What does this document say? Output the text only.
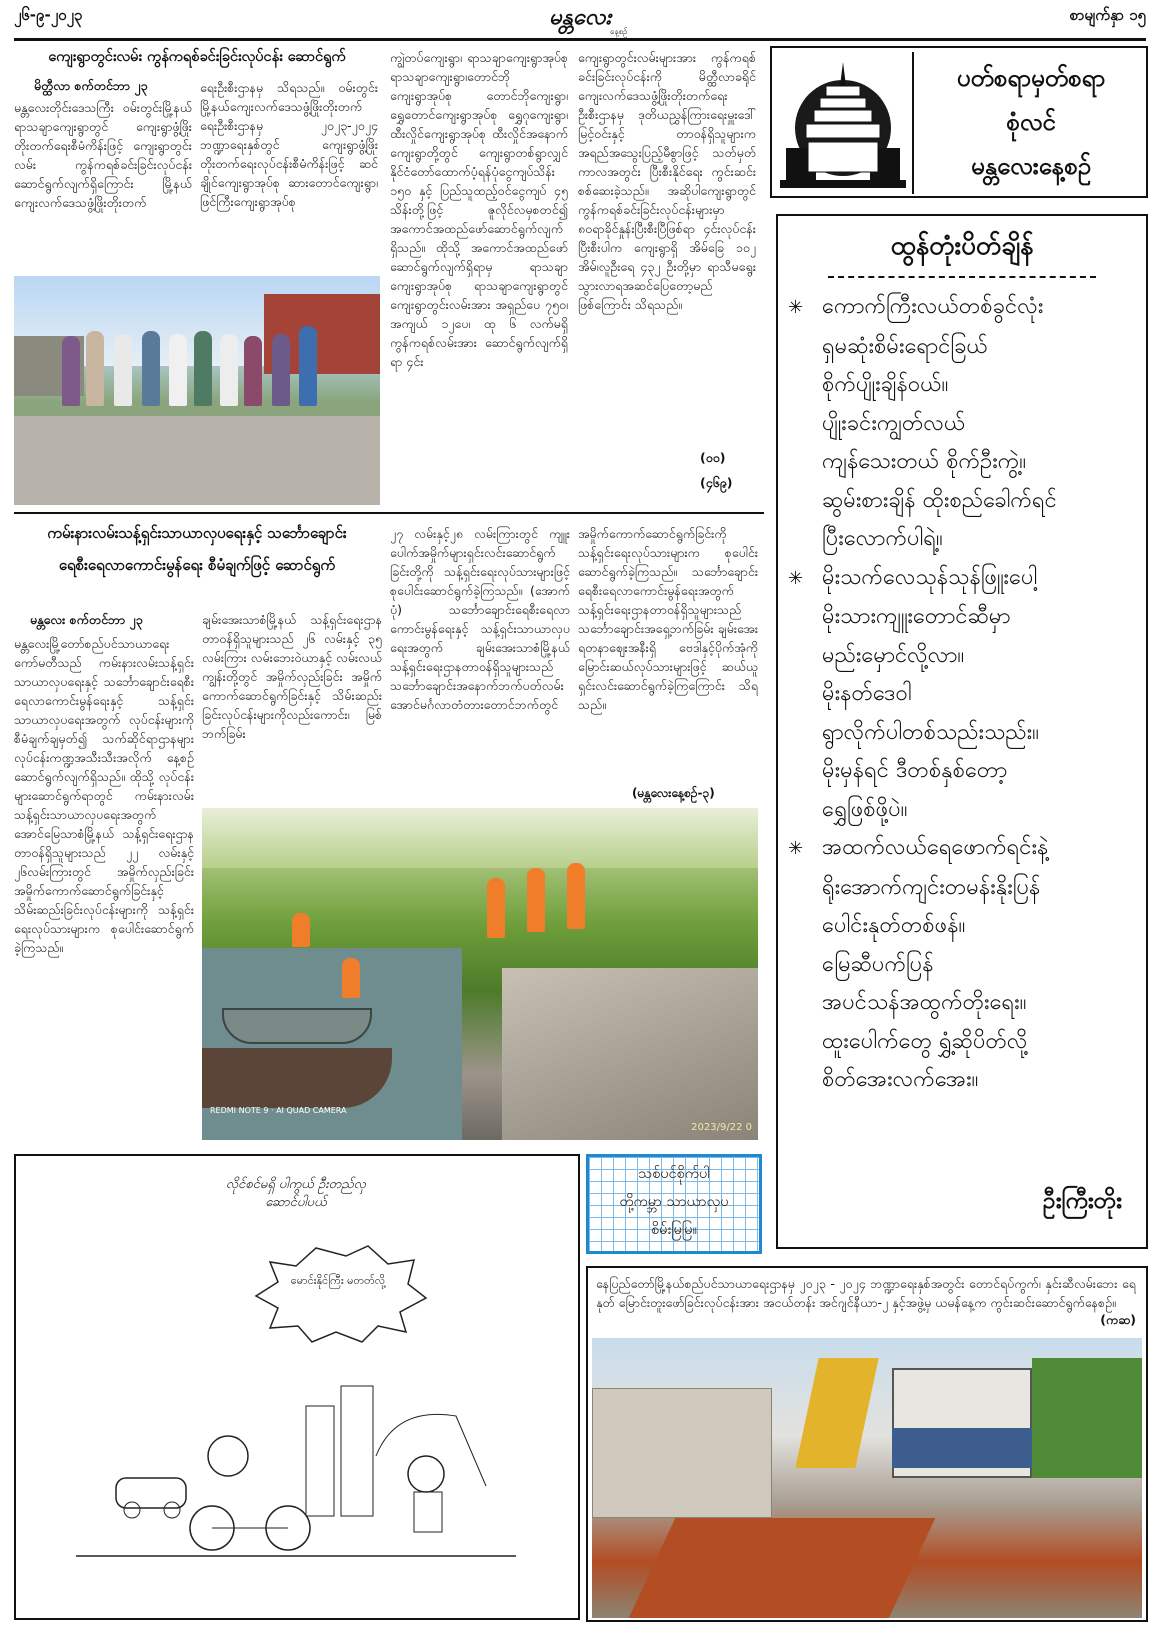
၂၆-၉-၂၀၂၃	မန္တလေး
နေ့စဉ်
စာမျက်နှာ ၁၅
ကျေးရွာတွင်းလမ်း ကွန်ကရစ်ခင်းခြင်းလုပ်ငန်း ဆောင်ရွက်
မိတ္ထီလာ စက်တင်ဘာ ၂၃
မန္တလေးတိုင်းဒေသကြီး ဝမ်းတွင်းမြို့နယ် ရာသချာကျေးရွာတွင် ကျေးရွာဖွံ့ဖြိုးတိုးတက်ရေးစီမံကိန်းဖြင့် ကျေးရွာတွင်းလမ်း ကွန်ကရစ်ခင်းခြင်းလုပ်ငန်း ဆောင်ရွက်လျက်ရှိကြောင်း မြို့နယ်ကျေးလက်ဒေသဖွံ့ဖြိုးတိုးတက်
ရေးဦးစီးဌာနမှ သိရသည်။ ဝမ်းတွင်းမြို့နယ်ကျေးလက်ဒေသဖွံ့ဖြိုးတိုးတက်ရေးဦးစီးဌာနမှ ၂၀၂၃-၂၀၂၄ ဘဏ္ဍာရေးနှစ်တွင် ကျေးရွာဖွံ့ဖြိုးတိုးတက်ရေးလုပ်ငန်းစီမံကိန်းဖြင့် ဆင်ချိုင်ကျေးရွာအုပ်စု ဆားတောင်ကျေးရွာ၊ ဖြင်ကြီးကျေးရွာအုပ်စု
ကျွဲတပ်ကျေးရွာ၊ ရာသချာကျေးရွာအုပ်စု ရာသချာကျေးရွာ၊တောင်ဘိုကျေးရွာအုပ်စု တောင်ဘိုကျေးရွာ၊ ရွှေတောင်ကျေးရွာအုပ်စု ရွှေဂုကျေးရွာ၊ ထီးလှိုင်ကျေးရွာအုပ်စု ထီးလှိုင်အနောက်ကျေးရွာတို့တွင် ကျေးရွာတစ်ရွာလျှင် နိုင်ငံတော်ထောက်ပံ့ရန်ပုံငွေကျပ်သိန်း ၁၅၀ နှင့် ပြည်သူထည့်ဝင်ငွေကျပ် ၄၅ သိန်းတို့ဖြင့် ဇူလိုင်လမှစတင်၍ အကောင်အထည်ဖော်ဆောင်ရွက်လျက်ရှိသည်။ ထိုသို့ အကောင်အထည်ဖော်ဆောင်ရွက်လျက်ရှိရာမှ ရာသချာကျေးရွာအုပ်စု ရာသချာကျေးရွာတွင် ကျေးရွာတွင်းလမ်းအား အရှည်ပေ ၇၅၀၊ အကျယ် ၁၂ပေ၊ ထု ၆ လက်မရှိ ကွန်ကရစ်လမ်းအား ဆောင်ရွက်လျက်ရှိရာ ၄င်း
ကျေးရွာတွင်းလမ်းများအား ကွန်ကရစ်ခင်းခြင်းလုပ်ငန်းကို မိတ္ထီလာခရိုင်ကျေးလက်ဒေသဖွံ့ဖြိုးတိုးတက်ရေးဦးစီးဌာနမှ ဒုတိယညွှန်ကြားရေးမှူးဒေါ်မြင့်ဝင်းနှင့် တာဝန်ရှိသူများက အရည်အသွေးပြည့်မီစွာဖြင့် သတ်မှတ်ကာလအတွင်း ပြီးစီးနိုင်ရေး ကွင်းဆင်းစစ်ဆေးခဲ့သည်။ အဆိုပါကျေးရွာတွင် ကွန်ကရစ်ခင်းခြင်းလုပ်ငန်းများမှာ ၈၀ရာခိုင်နှုန်းပြီးစီးပြီဖြစ်ရာ ၄င်းလုပ်ငန်းပြီးစီးပါက ကျေးရွာရှိ အိမ်ခြေ ၁၀၂ အိမ်၊လူဦးရေ ၄၃၂ ဦးတို့မှာ ရာသီမရွေးသွားလာရအဆင်ပြေတော့မည်ဖြစ်ကြောင်း သိရသည်။
(ဝဝ)
(၄၆၉)
ပတ်စရာမှတ်စရာ
စုံလင်
မန္တလေးနေ့စဉ်
ထွန်တုံးပိတ်ချိန်
✳ ကောက်ကြီးလယ်တစ်ခွင်လုံး
ရှမဆုံးစိမ်းရောင်ခြယ်
စိုက်ပျိုးချိန်ဝယ်။
ပျိုးခင်းကျွတ်လယ်
ကျန်သေးတယ် စိုက်ဦးကွဲ့။
ဆွမ်းစားချိန် ထိုးစည်ခေါက်ရင်
ပြီးလောက်ပါရဲ့။
✳ မိုးသက်လေသုန်သုန်ဖြူးပေါ့
မိုးသားကျူးတောင်ဆီမှာ
မည်းမှောင်လို့လာ။
မိုးနတ်ဒေဝါ
ရွာလိုက်ပါတစ်သည်းသည်း။
မိုးမှန်ရင် ဒီတစ်နှစ်တော့
ရွှေဖြစ်ဖို့ပဲ။
✳ အထက်လယ်ရေဖောက်ရင်းနဲ့
ရိုးအောက်ကျင်းတမန်းနိုးပြန်
ပေါင်းနုတ်တစ်ဖန်။
မြေဆီပက်ပြန်
အပင်သန်အထွက်တိုးရေး။
ထူးပေါက်တွေ ရွှံ့ဆိုပိတ်လို့
စိတ်အေးလက်အေး။
ဦးကြီးတိုး
ကမ်းနားလမ်းသန့်ရှင်းသာယာလှပရေးနှင့် သင်္ဘောချောင်း
ရေစီးရေလာကောင်းမွန်ရေး စီမံချက်ဖြင့် ဆောင်ရွက်
မန္တလေး စက်တင်ဘာ ၂၃
မန္တလေးမြို့တော်စည်ပင်သာယာရေးကော်မတီသည် ကမ်းနားလမ်းသန့်ရှင်းသာယာလှပရေးနှင့် သင်္ဘောချောင်းရေစီးရေလာကောင်းမွန်ရေးနှင့် သန့်ရှင်းသာယာလှပရေးအတွက် လုပ်ငန်းများကို စီမံချက်ချမှတ်၍ သက်ဆိုင်ရာဌာနများ လုပ်ငန်းကဏ္ဍအသီးသီးအလိုက် နေ့စဉ်ဆောင်ရွက်လျက်ရှိသည်။ ထိုသို့ လုပ်ငန်းများဆောင်ရွက်ရာတွင် ကမ်းနားလမ်းသန့်ရှင်းသာယာလှပရေးအတွက် အောင်မြေသာစံမြို့နယ် သန့်ရှင်းရေးဌာနတာဝန်ရှိသူများသည် ၂၂ လမ်းနှင့် ၂၆လမ်းကြားတွင် အမှိုက်လှည်းခြင်းအမှိုက်ကောက်ဆောင်ရွက်ခြင်းနှင့် သိမ်းဆည်းခြင်းလုပ်ငန်းများကို သန့်ရှင်းရေးလုပ်သားများက စုပေါင်းဆောင်ရွက်ခဲ့ကြသည်။
ချမ်းအေးသာစံမြို့နယ် သန့်ရှင်းရေးဌာနတာဝန်ရှိသူများသည် ၂၆ လမ်းနှင့် ၃၅ လမ်းကြား လမ်းဘေးဝဲယာနှင့် လမ်းလယ်ကျွန်းတို့တွင် အမှိုက်လှည်းခြင်း အမှိုက်ကောက်ဆောင်ရွက်ခြင်းနှင့် သိမ်းဆည်းခြင်းလုပ်ငန်းများကိုလည်းကောင်း၊ မြစ်ဘက်ခြမ်း
၂၇ လမ်းနှင့်၂၈ လမ်းကြားတွင် ကျူးပေါက်အမှိုက်များရှင်းလင်းဆောင်ရွက်ခြင်းတို့ကို သန့်ရှင်းရေးလုပ်သားများဖြင့် စုပေါင်းဆောင်ရွက်ခဲ့ကြသည်။ (အောက်ပုံ) သင်္ဘောချောင်းရေစီးရေလာကောင်းမွန်ရေးနှင့် သန့်ရှင်းသာယာလှပရေးအတွက် ချမ်းအေးသာစံမြို့နယ်သန့်ရှင်းရေးဌာနတာဝန်ရှိသူများသည် သင်္ဘောချောင်းအနောက်ဘက်ပတ်လမ်း အောင်မင်္ဂလာတံတားတောင်ဘက်တွင်
အမှိုက်ကောက်ဆောင်ရွက်ခြင်းကို သန့်ရှင်းရေးလုပ်သားများက စုပေါင်းဆောင်ရွက်ခဲ့ကြသည်။ သင်္ဘောချောင်းရေစီးရေလာကောင်းမွန်ရေးအတွက် သန့်ရှင်းရေးဌာနတာဝန်ရှိသူများသည် သင်္ဘောချောင်းအရှေ့ဘက်ခြမ်း ချမ်းအေးရတနာဈေးအနီးရှိ ဗေဒါနှင့်ပိုက်အုံကို မြောင်းဆယ်လုပ်သားများဖြင့် ဆယ်ယူရှင်းလင်းဆောင်ရွက်ခဲ့ကြကြောင်း သိရသည်။
(မန္တလေးနေ့စဉ်-၃)
REDMI NOTE 9 · AI QUAD CAMERA
2023/9/22 0
လိုင်စင်မရှိ ပါကွယ် ဦးတည်လှ ဆောင်ပါပယ်
မောင်းနိုင်ကြီး မတတ်လို့
သစ်ပင်စိုက်ပါ
တို့ကမ္ဘာ သာယာလှပ
စိမ်းမြမြ။
နေပြည်တော်မြို့နယ်စည်ပင်သာယာရေးဌာနမှ ၂၀၂၃ - ၂၀၂၄ ဘဏ္ဍာရေးနှစ်အတွင်း တောင်ရပ်ကွက်၊ နှင်းဆီလမ်းဘေး ရေနုတ် မြောင်းတူးဖော်ခြင်းလုပ်ငန်းအား အငယ်တန်း အင်ဂျင်နီယာ-၂ နှင့်အဖွဲ့မှ ယမန်နေ့က ကွင်းဆင်းဆောင်ရွက်နေစဉ်။
(ကဆ)
